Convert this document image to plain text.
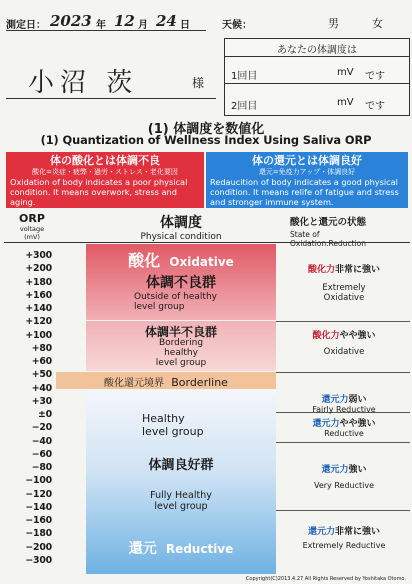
測定日： 2023 年 12 月 24 日	天候：	男	女
小沼 茨	様
あなたの体調度は
1回目	mV です
2回目	mV です
(1) 体調度を数値化
(1) Quantization of Wellness Index Using Saliva ORP
体の酸化とは体調不良
酸化=炎症・疲弊・過労・ストレス・老化要因
Oxidation of body indicates a poor physical condition. It means overwork, stress and aging.
体の還元とは体調良好
還元=免疫力アップ・体調良好
Redaucition of body indicates a good physical condition. It means relife of fatigue and stress and stronger immune system.
ORP
voltage
(mV)
体調度
Physical condition
酸化と還元の状態
State of
Oxidation.Reduction
+300
+200
+180
+160
+140
+120
+100
+80
+60
+50
+40
+30
±0
−20
−40
−60
−80
−100
−120
−140
−160
−180
−200
−300
酸化 Oxidative
体調不良群
Outside of healthy
level group
体調半不良群
Bordering
healthy
level group
酸化還元境界 Borderline
Healthy
level group
体調良好群
Fully Healthy
level group
還元 Reductive
酸化力非常に強い
Extremely
Oxidative
酸化力やや強い
Oxidative
還元力弱い
Fairly Reductive
還元力やや強い
Reductive
還元力強い
Very Reductive
還元力非常に強い
Extremely Reductive
Copyright(C)2013.4.27 All Rights Reserved by Yoshitaka Otomo.
